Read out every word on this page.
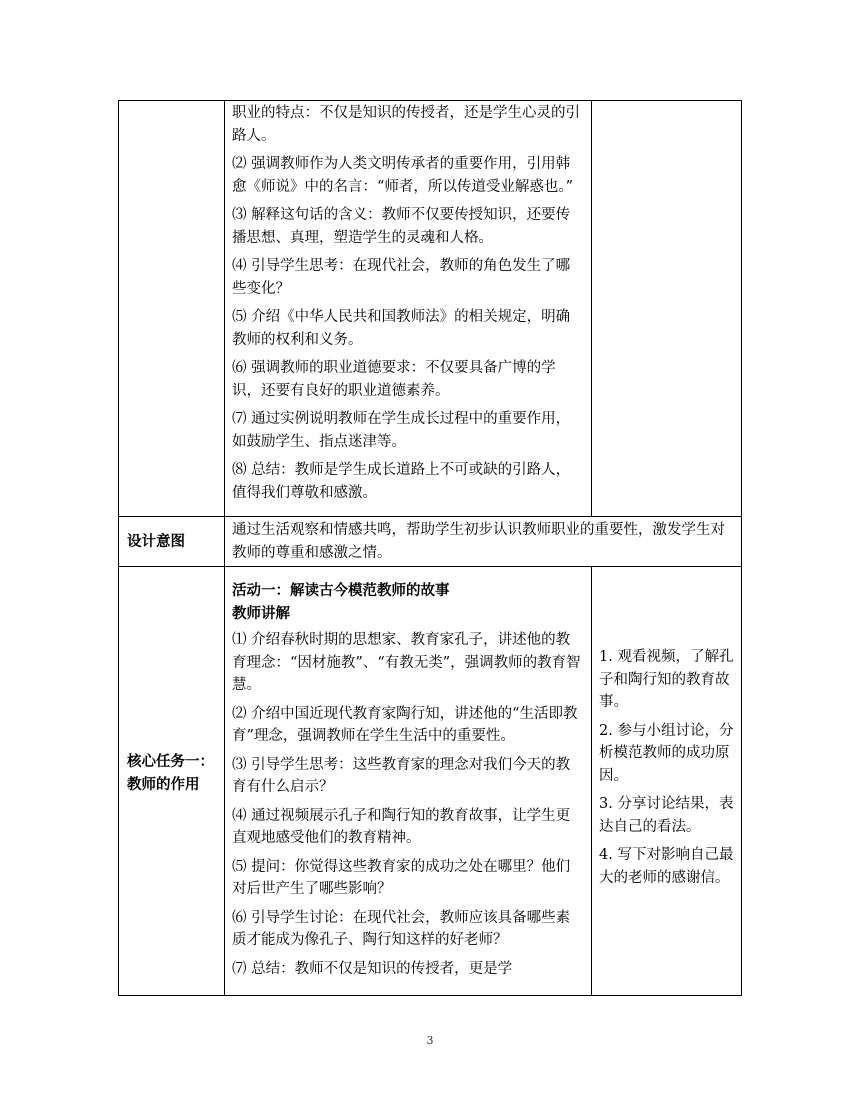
职业的特点：不仅是知识的传授者，还是学生心灵的引路人。

⑵ 强调教师作为人类文明传承者的重要作用，引用韩愈《师说》中的名言：“师者，所以传道受业解惑也。”

⑶ 解释这句话的含义：教师不仅要传授知识，还要传播思想、真理，塑造学生的灵魂和人格。

⑷ 引导学生思考：在现代社会，教师的角色发生了哪些变化？

⑸ 介绍《中华人民共和国教师法》的相关规定，明确教师的权利和义务。

⑹ 强调教师的职业道德要求：不仅要具备广博的学识，还要有良好的职业道德素养。

⑺ 通过实例说明教师在学生成长过程中的重要作用，如鼓励学生、指点迷津等。

⑻ 总结：教师是学生成长道路上不可或缺的引路人，值得我们尊敬和感激。

设计意图
通过生活观察和情感共鸣，帮助学生初步认识教师职业的重要性，激发学生对教师的尊重和感激之情。
核心任务一：教师的作用

活动一：解读古今模范教师的故事

教师讲解

⑴ 介绍春秋时期的思想家、教育家孔子，讲述他的教育理念：“因材施教”、“有教无类”，强调教师的教育智慧。

⑵ 介绍中国近现代教育家陶行知，讲述他的“生活即教育”理念，强调教师在学生生活中的重要性。

⑶ 引导学生思考：这些教育家的理念对我们今天的教育有什么启示？

⑷ 通过视频展示孔子和陶行知的教育故事，让学生更直观地感受他们的教育精神。

⑸ 提问：你觉得这些教育家的成功之处在哪里？他们对后世产生了哪些影响？

⑹ 引导学生讨论：在现代社会，教师应该具备哪些素质才能成为像孔子、陶行知这样的好老师？

⑺ 总结：教师不仅是知识的传授者，更是学

1. 观看视频，了解孔子和陶行知的教育故事。

2. 参与小组讨论，分析模范教师的成功原因。

3. 分享讨论结果，表达自己的看法。

4. 写下对影响自己最大的老师的感谢信。

3
